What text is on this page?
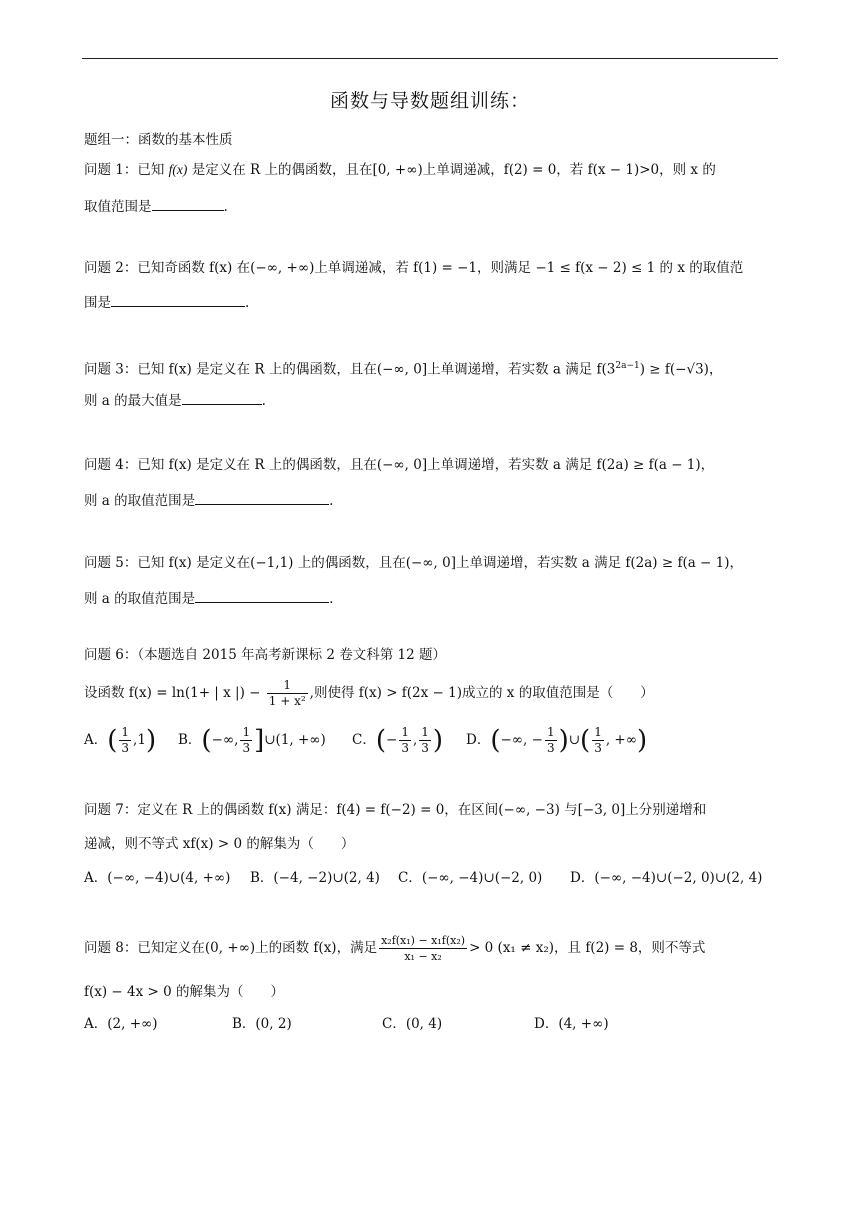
函数与导数题组训练：
题组一：函数的基本性质
问题 1：已知 f(x) 是定义在 R 上的偶函数，且在[0, +∞)上单调递减，f(2) = 0，若 f(x − 1)>0，则 x 的
取值范围是	.
问题 2：已知奇函数 f(x) 在(−∞, +∞)上单调递减，若 f(1) = −1，则满足 −1 ≤ f(x − 2) ≤ 1 的 x 的取值范
围是	.
问题 3：已知 f(x) 是定义在 R 上的偶函数，且在(−∞, 0]上单调递增，若实数 a 满足 $f(3^{2a-1}) \ge f(-√3)$，
则 a 的最大值是	.
问题 4：已知 f(x) 是定义在 R 上的偶函数，且在(−∞, 0]上单调递增，若实数 a 满足 f(2a) ≥ f(a − 1)，
则 a 的取值范围是	.
问题 5：已知 f(x) 是定义在(−1,1) 上的偶函数，且在(−∞, 0]上单调递增，若实数 a 满足 f(2a) ≥ f(a − 1)，
则 a 的取值范围是	.
问题 6：（本题选自 2015 年高考新课标 2 卷文科第 12 题）
设函数 f(x) = ln(1+ | x |) − $\frac{1}{\text{1 + x²}}$ ,则使得 f(x) > f(2x − 1)成立的 x 的取值范围是（　　）
A．( $\frac{1}{3} ,1$) B．(−∞, $\frac{1}{3}$ ]∪(1, +∞) C．(− $\frac{1}{3}$ , $\frac{1}{3}$ ) D．(−∞, − $\frac{1}{3}$ )∪( $\frac{1}{3}$ , +∞)
问题 7：定义在 R 上的偶函数 f(x) 满足：f(4) = f(−2) = 0，在区间(−∞, −3) 与[−3, 0]上分别递增和
递减，则不等式 xf(x) > 0 的解集为（　　）
A．(−∞, −4)∪(4, +∞) B．(−4, −2)∪(2, 4) C．(−∞, −4)∪(−2, 0) D．(−∞, −4)∪(−2, 0)∪(2, 4)
问题 8：已知定义在(0, +∞)上的函数 f(x)，满足 $\frac{\text{x₂f(x₁) − x₁f(x₂)}}{\text{x₁ − x₂}} > 0$ (x₁ ≠ x₂)，且 f(2) = 8，则不等式
f(x) − 4x > 0 的解集为（　　）
A．(2, +∞)	B．(0, 2)	C．(0, 4)	D．(4, +∞)
